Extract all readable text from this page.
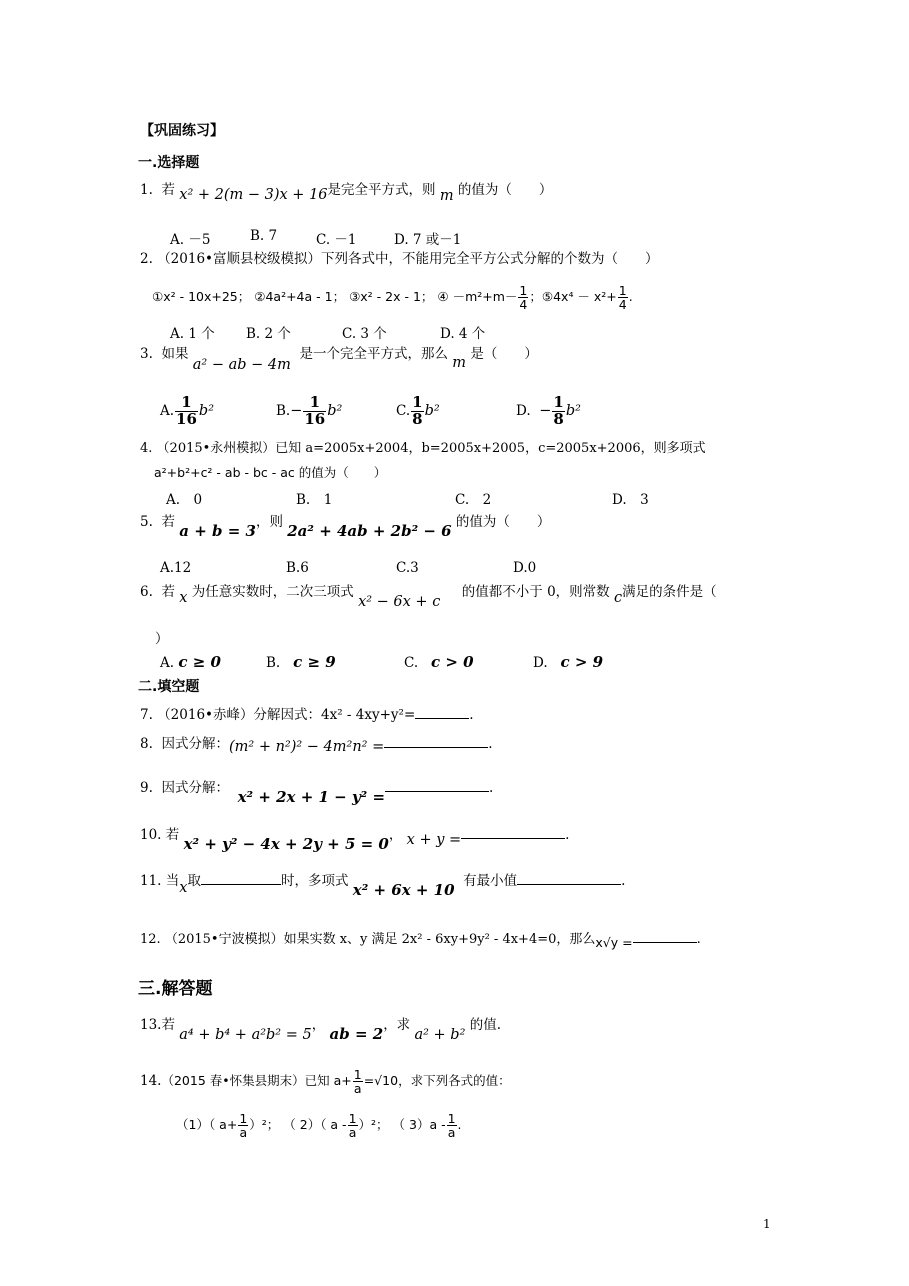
【巩固练习】
一.选择题
1. 若 x² + 2(m − 3)x + 16是完全平方式，则 m 的值为（　　）
A. －5	B. 7	C. －1	D. 7 或－1
2. （2016•富顺县校级模拟）下列各式中，不能用完全平方公式分解的个数为（　　）
①x² - 10x+25； ②4a²+4a - 1； ③x² - 2x - 1； ④ $-m^2+m- \frac{1}{4}$ ；⑤4x⁴ － $x^2+ \frac{1}{4}$ .
A. 1 个 B. 2 个	C. 3 个	D. 4 个
3. 如果 a² − ab − 4m  是一个完全平方式，那么 m 是（　　）
A. $\frac{1}{16} b^2$	$B.- \frac{1}{16} b^2$	C. $\frac{1}{8} b^2$	D. − $\frac{1}{8} b^2$
4. （2015•永州模拟）已知 a=2005x+2004，b=2005x+2005，c=2005x+2006，则多项式
a²+b²+c² - ab - bc - ac 的值为（　　）
A.　0	B.　1	C.　2	D.　3
5. 若 a + b = 3，则 2a² + 4ab + 2b² − 6 的值为（　　）
A.12	B.6	C.3	D.0
6. 若 x 为任意实数时，二次三项式 x² − 6x + c     的值都不小于 0，则常数 c满足的条件是（
）
A. c ≥ 0	B. c ≥ 9	C. c > 0	D. c > 9
二.填空题
7. （2016•赤峰）分解因式：4x² - 4xy+y²=	.
8. 因式分解：(m² + n²)² − 4m²n² =	.
9. 因式分解： x² + 2x + 1 − y² =	.
10. 若 x² + y² − 4x + 2y + 5 = 0， x + y =	.
11. 当x取	时，多项式 x² + 6x + 10 有最小值	.
12. （2015•宁波模拟）如果实数 x、y 满足 2x² - 6xy+9y² - 4x+4=0，那么x√y =	.
三.解答题
13.若 a⁴ + b⁴ + a²b² = 5， ab = 2，求 a² + b² 的值.
14.（2015 春•怀集县期末）已知 $a+ \frac{1}{a} =√10$，求下列各式的值：
（1）（ $a+ \frac{1}{a} )^2$； （ 2）（ a - $\frac{1}{a} )^2$； （ $3)a - \frac{1}{a}$ .
1
